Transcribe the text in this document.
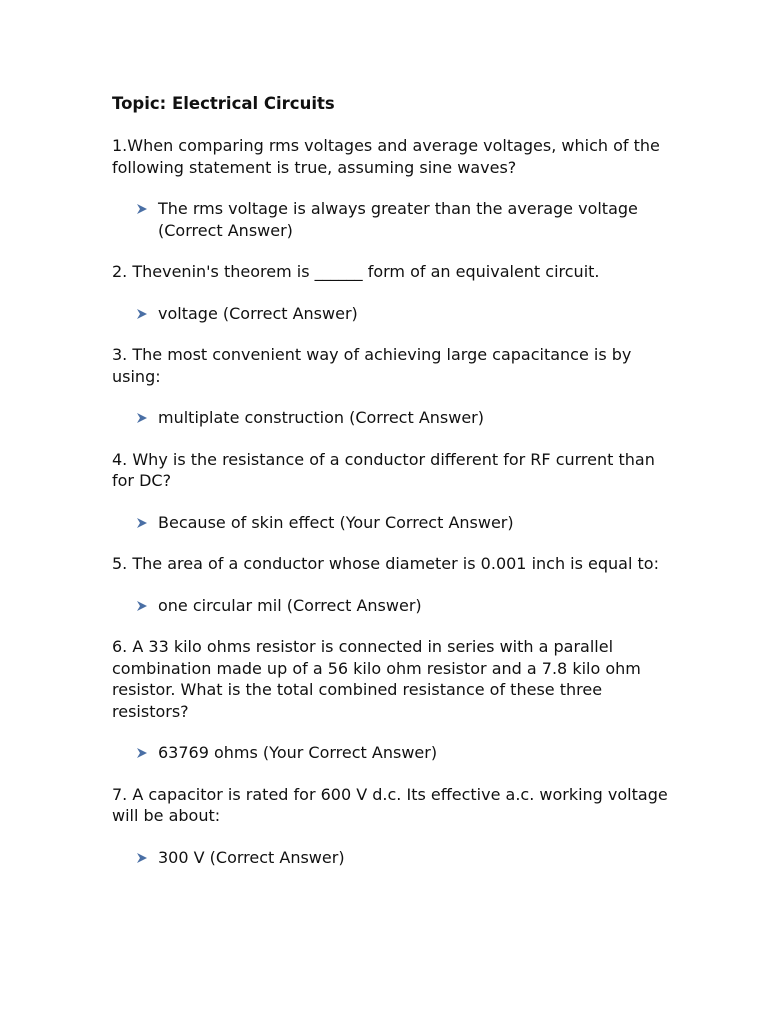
Topic: Electrical Circuits
1.When comparing rms voltages and average voltages, which of the following statement is true, assuming sine waves?
The rms voltage is always greater than the average voltage (Correct Answer)
2. Thevenin's theorem is ______ form of an equivalent circuit.
voltage (Correct Answer)
3. The most convenient way of achieving large capacitance is by using:
multiplate construction (Correct Answer)
4. Why is the resistance of a conductor different for RF current than for DC?
Because of skin effect (Your Correct Answer)
5. The area of a conductor whose diameter is 0.001 inch is equal to:
one circular mil (Correct Answer)
6. A 33 kilo ohms resistor is connected in series with a parallel combination made up of a 56 kilo ohm resistor and a 7.8 kilo ohm resistor. What is the total combined resistance of these three resistors?
63769 ohms (Your Correct Answer)
7. A capacitor is rated for 600 V d.c. Its effective a.c. working voltage will be about:
300 V (Correct Answer)
